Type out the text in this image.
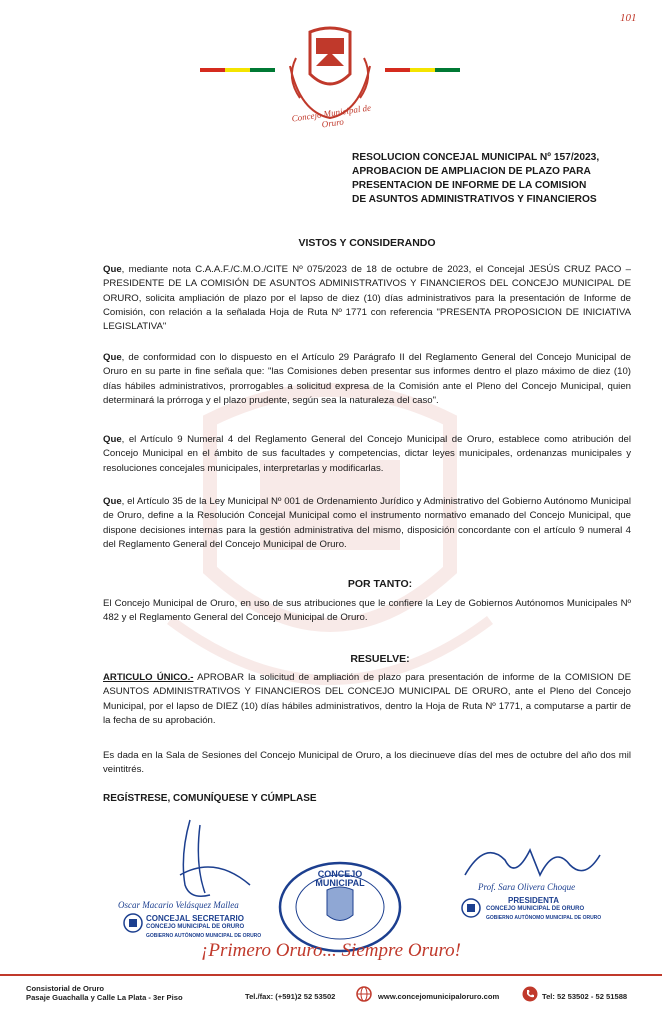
101
Concejo Municipal de Oruro
RESOLUCION CONCEJAL MUNICIPAL Nº 157/2023,
APROBACION DE AMPLIACION DE PLAZO PARA
PRESENTACION DE INFORME DE LA COMISION
DE ASUNTOS ADMINISTRATIVOS Y FINANCIEROS
VISTOS Y CONSIDERANDO
Que, mediante nota C.A.A.F./C.M.O./CITE Nº 075/2023 de 18 de octubre de 2023, el Concejal JESÚS CRUZ PACO – PRESIDENTE DE LA COMISIÓN DE ASUNTOS ADMINISTRATIVOS Y FINANCIEROS DEL CONCEJO MUNICIPAL DE ORURO, solicita ampliación de plazo por el lapso de diez (10) días administrativos para la presentación de Informe de Comisión, con relación a la señalada Hoja de Ruta Nº 1771 con referencia "PRESENTA PROPOSICION DE INICIATIVA LEGISLATIVA"
Que, de conformidad con lo dispuesto en el Artículo 29 Parágrafo II del Reglamento General del Concejo Municipal de Oruro en su parte in fine señala que: "las Comisiones deben presentar sus informes dentro el plazo máximo de diez (10) días hábiles administrativos, prorrogables a solicitud expresa de la Comisión ante el Pleno del Concejo Municipal, quien determinará la prórroga y el plazo prudente, según sea la naturaleza del caso".
Que, el Artículo 9 Numeral 4 del Reglamento General del Concejo Municipal de Oruro, establece como atribución del Concejo Municipal en el ámbito de sus facultades y competencias, dictar leyes municipales, ordenanzas municipales y resoluciones concejales municipales, interpretarlas y modificarlas.
Que, el Artículo 35 de la Ley Municipal Nº 001 de Ordenamiento Jurídico y Administrativo del Gobierno Autónomo Municipal de Oruro, define a la Resolución Concejal Municipal como el instrumento normativo emanado del Concejo Municipal, que dispone decisiones internas para la gestión administrativa del mismo, disposición concordante con el artículo 9 numeral 4 del Reglamento General del Concejo Municipal de Oruro.
POR TANTO:
El Concejo Municipal de Oruro, en uso de sus atribuciones que le confiere la Ley de Gobiernos Autónomos Municipales Nº 482 y el Reglamento General del Concejo Municipal de Oruro.
RESUELVE:
ARTICULO ÚNICO.- APROBAR la solicitud de ampliación de plazo para presentación de informe de la COMISION DE ASUNTOS ADMINISTRATIVOS Y FINANCIEROS DEL CONCEJO MUNICIPAL DE ORURO, ante el Pleno del Concejo Municipal, por el lapso de DIEZ (10) días hábiles administrativos, dentro la Hoja de Ruta Nº 1771, a computarse a partir de la fecha de su aprobación.
Es dada en la Sala de Sesiones del Concejo Municipal de Oruro, a los diecinueve días del mes de octubre del año dos mil veintitrés.
REGÍSTRESE, COMUNÍQUESE Y CÚMPLASE
Oscar Macario Velásquez Mallea
CONCEJAL SECRETARIO
CONCEJO MUNICIPAL DE ORURO
GOBIERNO AUTÓNOMO MUNICIPAL DE ORURO
CONCEJO MUNICIPAL	Prof. Sara Olivera Choque
PRESIDENTA
CONCEJO MUNICIPAL DE ORURO
GOBIERNO AUTÓNOMO MUNICIPAL DE ORURO
¡Primero Oruro... Siempre Oruro!
Consistorial de Oruro
Pasaje Guachalla y Calle La Plata - 3er Piso	Tel./fax: (+591)2 52 53502	www.concejomunicipaloruro.com	Tel: 52 53502 - 52 51588
